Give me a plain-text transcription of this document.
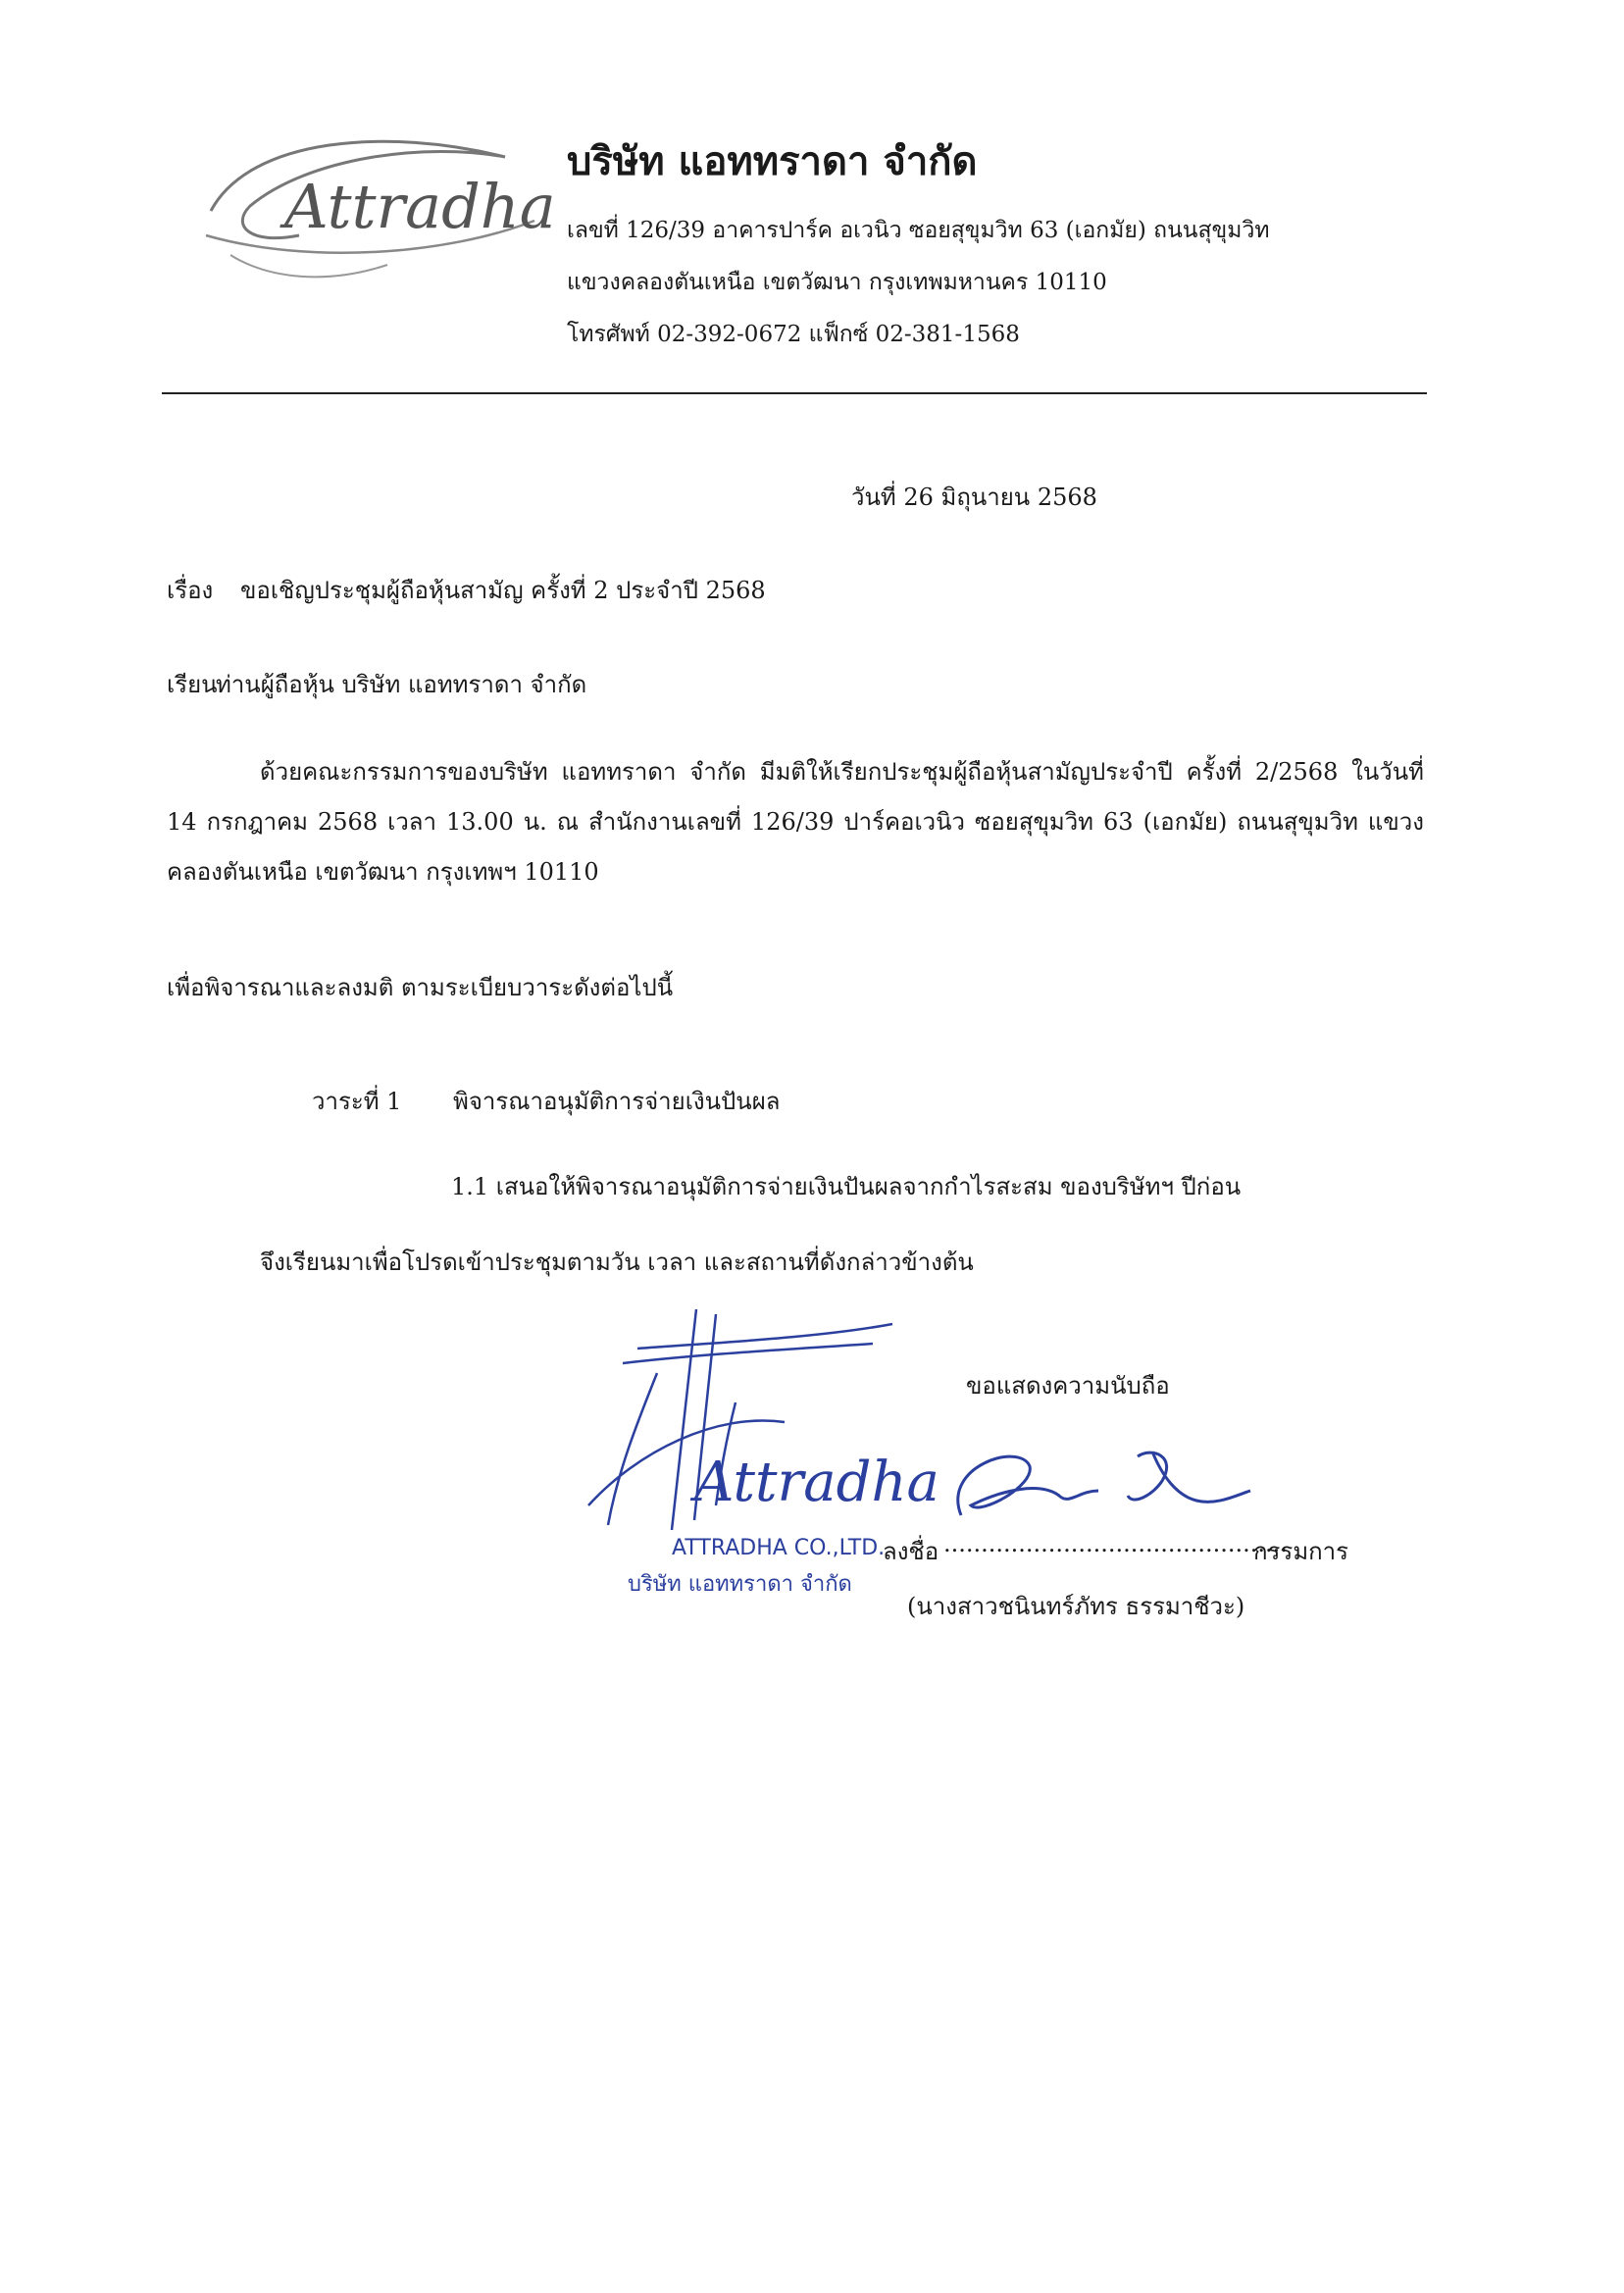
Attradha
บริษัท แอททราดา จำกัด
เลขที่ 126/39 อาคารปาร์ค อเวนิว ซอยสุขุมวิท 63 (เอกมัย) ถนนสุขุมวิท
แขวงคลองตันเหนือ เขตวัฒนา กรุงเทพมหานคร 10110
โทรศัพท์ 02-392-0672 แฟ็กซ์ 02-381-1568
วันที่ 26 มิถุนายน 2568
เรื่อง ขอเชิญประชุมผู้ถือหุ้นสามัญ ครั้งที่ 2 ประจำปี 2568
เรียน
ท่านผู้ถือหุ้น บริษัท แอททราดา จำกัด
ด้วยคณะกรรมการของบริษัท แอททราดา จำกัด มีมติให้เรียกประชุมผู้ถือหุ้นสามัญประจำปี ครั้งที่ 2/2568 ในวันที่ 14 กรกฎาคม 2568 เวลา 13.00 น. ณ สำนักงานเลขที่ 126/39 ปาร์คอเวนิว ซอยสุขุมวิท 63 (เอกมัย) ถนนสุขุมวิท แขวงคลองตันเหนือ เขตวัฒนา กรุงเทพฯ 10110
เพื่อพิจารณาและลงมติ ตามระเบียบวาระดังต่อไปนี้
วาระที่ 1 พิจารณาอนุมัติการจ่ายเงินปันผล
1.1 เสนอให้พิจารณาอนุมัติการจ่ายเงินปันผลจากกำไรสะสม ของบริษัทฯ ปีก่อน
จึงเรียนมาเพื่อโปรดเข้าประชุมตามวัน เวลา และสถานที่ดังกล่าวข้างต้น
ขอแสดงความนับถือ
Attradha
ATTRADHA CO.,LTD.
บริษัท แอททราดา จำกัด
ลงชื่อ ..............................................
กรรมการ
(นางสาวชนินทร์ภัทร ธรรมาชีวะ)
